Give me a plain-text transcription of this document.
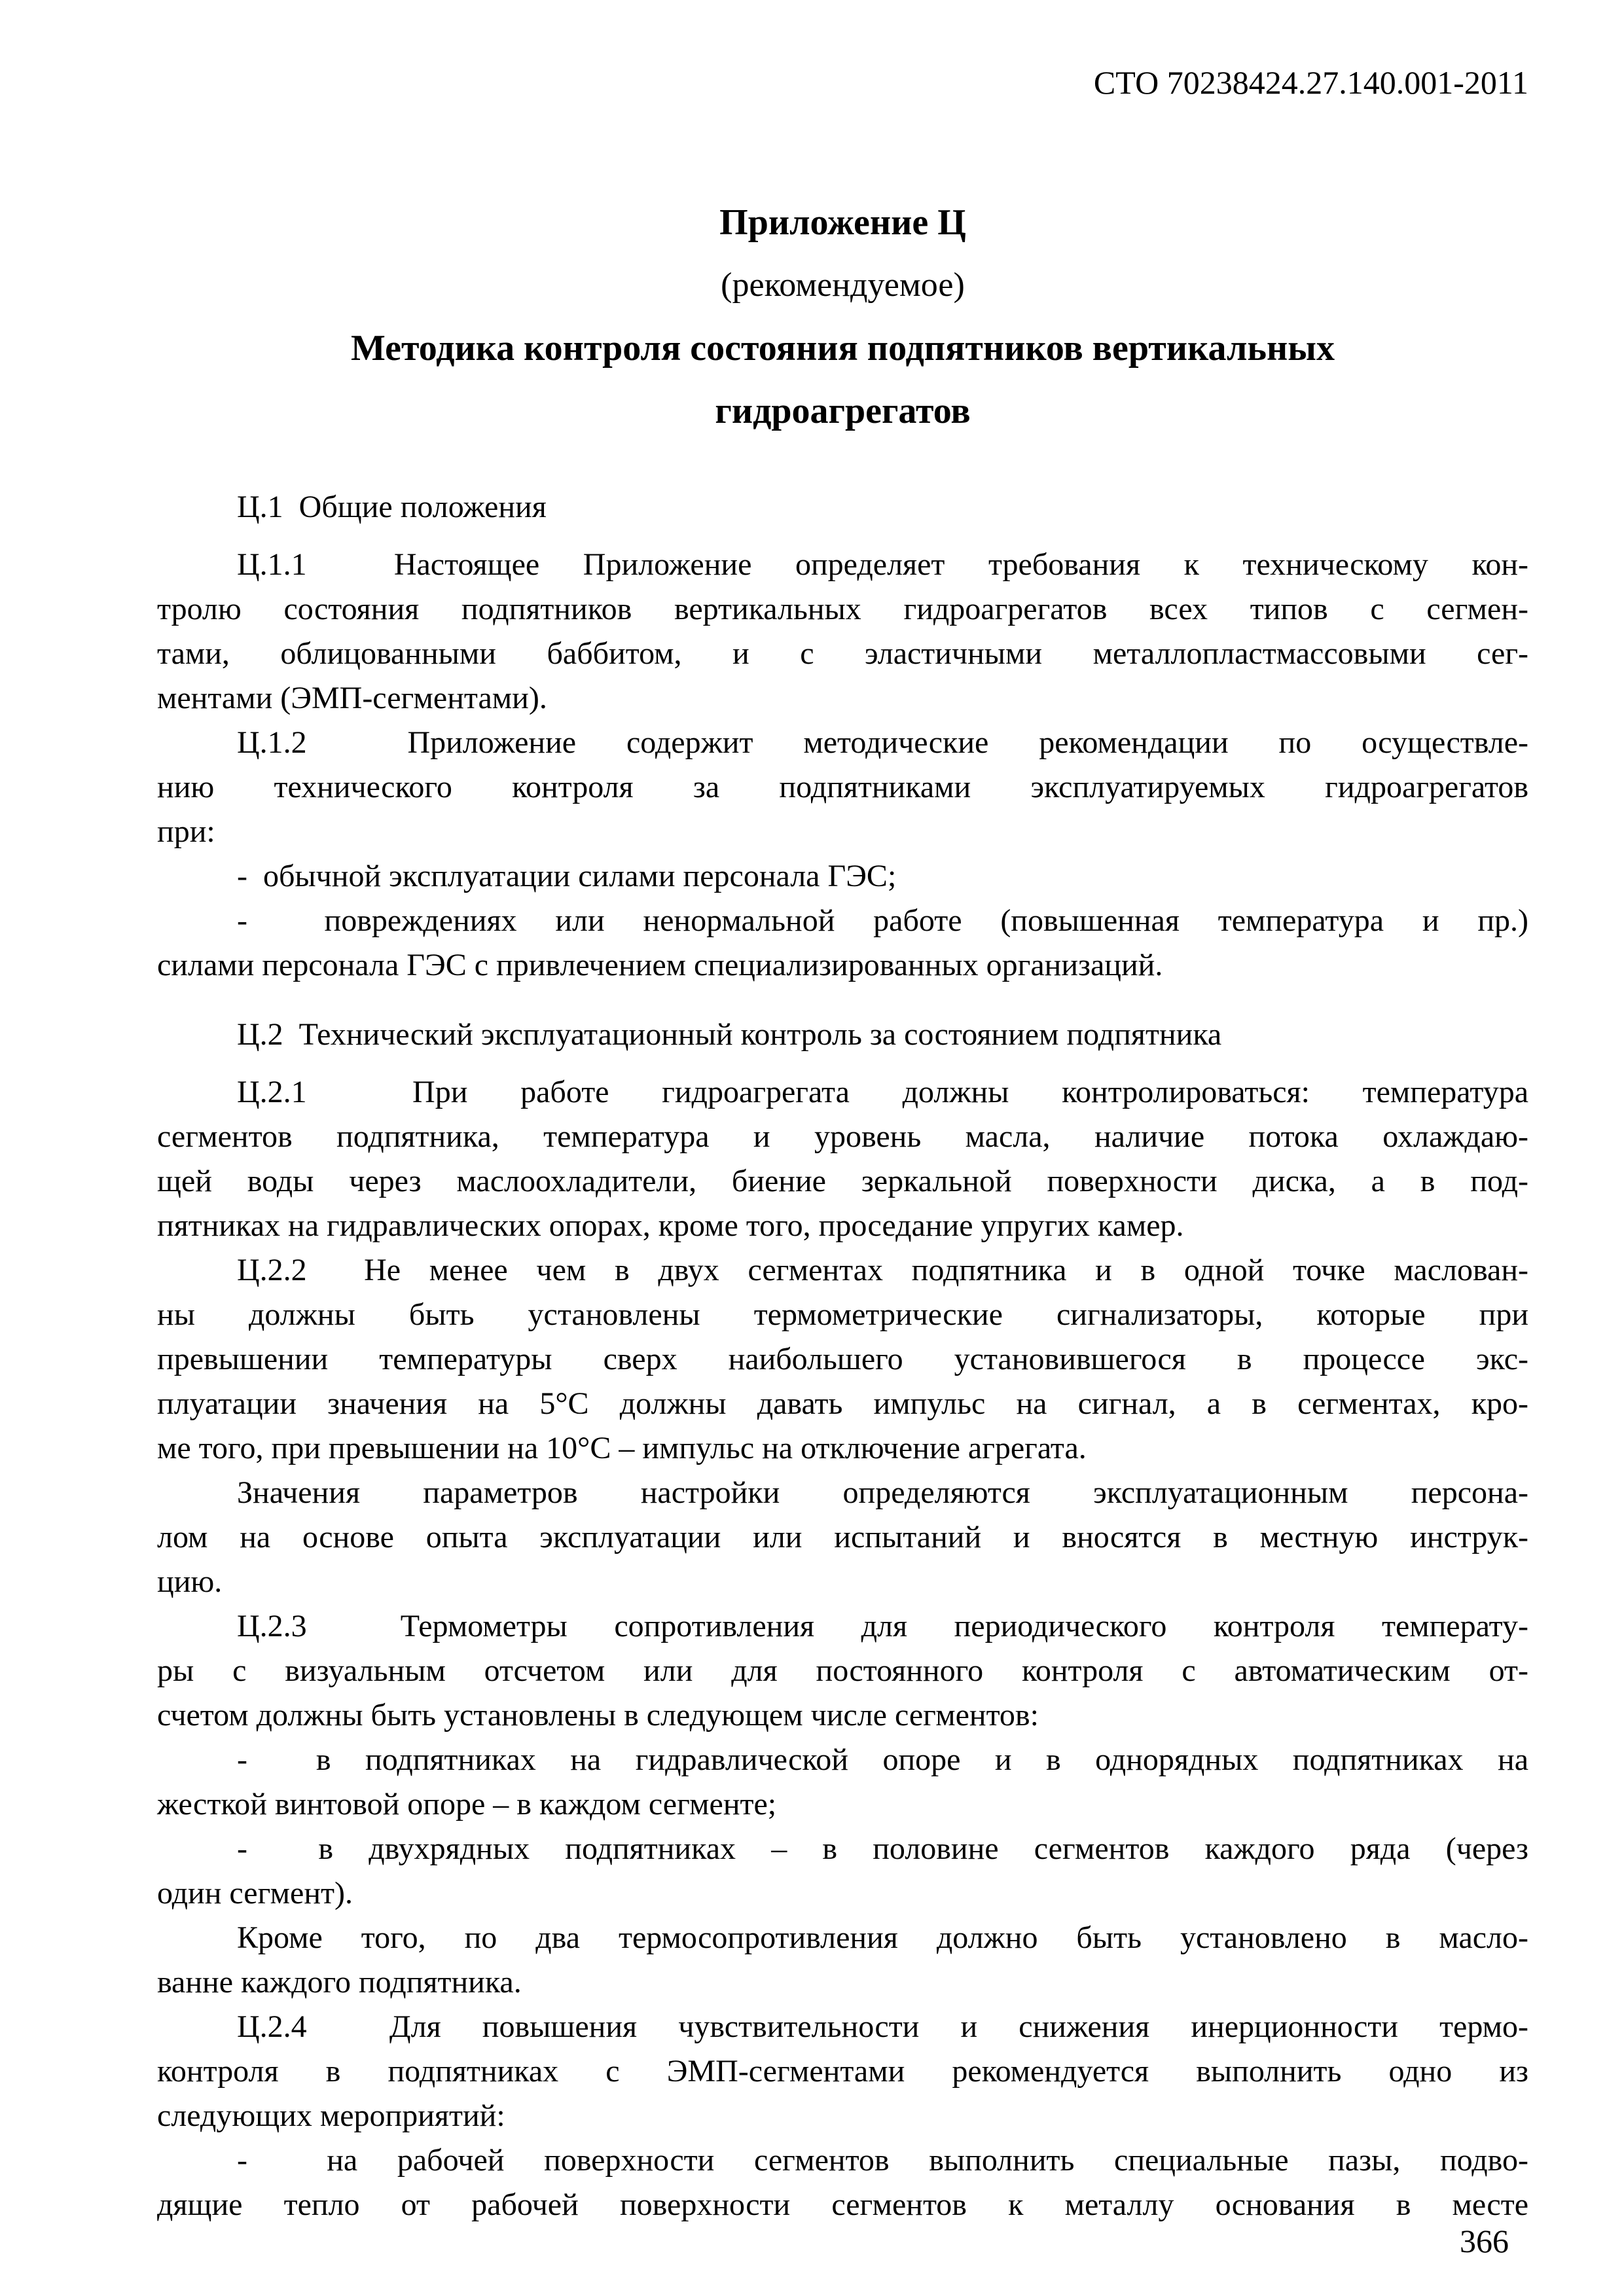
СТО 70238424.27.140.001-2011
Приложение Ц
(рекомендуемое)
Методика контроля состояния подпятников вертикальных
гидроагрегатов
Ц.1  Общие положения
Ц.1.1  Настоящее Приложение определяет требования к техническому кон-
тролю состояния подпятников вертикальных гидроагрегатов всех типов с сегмен-
тами, облицованными баббитом, и с эластичными металлопластмассовыми сег-
ментами (ЭМП-сегментами).
Ц.1.2  Приложение содержит методические рекомендации по осуществле-
нию технического контроля за подпятниками эксплуатируемых гидроагрегатов
при:
-  обычной эксплуатации силами персонала ГЭС;
-  повреждениях или ненормальной работе (повышенная температура и пр.)
силами персонала ГЭС с привлечением специализированных организаций.
Ц.2  Технический эксплуатационный контроль за состоянием подпятника
Ц.2.1  При работе гидроагрегата должны контролироваться: температура
сегментов подпятника, температура и уровень масла, наличие потока охлаждаю-
щей воды через маслоохладители, биение зеркальной поверхности диска, а в под-
пятниках на гидравлических опорах, кроме того, проседание упругих камер.
Ц.2.2  Не менее чем в двух сегментах подпятника и в одной точке маслован-
ны должны быть установлены термометрические сигнализаторы, которые при
превышении температуры сверх наибольшего установившегося в процессе экс-
плуатации значения на 5°С должны давать импульс на сигнал, а в сегментах, кро-
ме того, при превышении на 10°С – импульс на отключение агрегата.
Значения параметров настройки определяются эксплуатационным персона-
лом на основе опыта эксплуатации или испытаний и вносятся в местную инструк-
цию.
Ц.2.3  Термометры сопротивления для периодического контроля температу-
ры с визуальным отсчетом или для постоянного контроля с автоматическим от-
счетом должны быть установлены в следующем числе сегментов:
-  в подпятниках на гидравлической опоре и в однорядных подпятниках на
жесткой винтовой опоре – в каждом сегменте;
-  в двухрядных подпятниках – в половине сегментов каждого ряда (через
один сегмент).
Кроме того, по два термосопротивления должно быть установлено в масло-
ванне каждого подпятника.
Ц.2.4  Для повышения чувствительности и снижения инерционности термо-
контроля в подпятниках с ЭМП-сегментами рекомендуется выполнить одно из
следующих мероприятий:
-  на рабочей поверхности сегментов выполнить специальные пазы, подво-
дящие тепло от рабочей поверхности сегментов к металлу основания в месте
366
